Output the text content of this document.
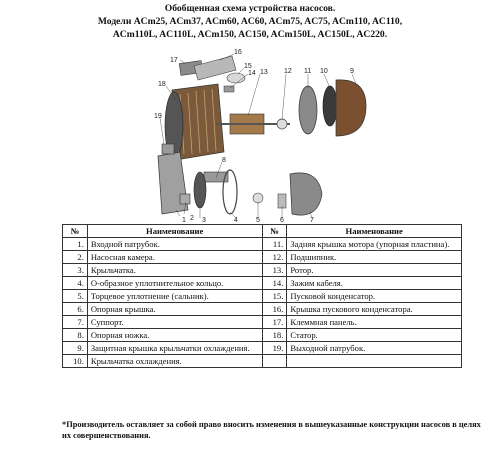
Обобщенная схема устройства насосов.
Модели ACm25, ACm37, ACm60, AC60, ACm75, AC75, ACm110, AC110,
ACm110L, AC110L, ACm150, AC150, ACm150L, AC150L, AC220.
17
16
15
14 13
18
12 11 10	9
19
8
1 2 3	4	5	6	7
№	Наименование	№	Наименование
1.	Входной патрубок.	11.	Задняя крышка мотора (упорная пластина).
2.	Насосная камера.	12.	Подшипник.
3.	Крыльчатка.	13.	Ротор.
4.	О-образное уплотнительное кольцо.	14.	Зажим кабеля.
5.	Торцевое уплотнение (сальник).	15.	Пусковой конденсатор.
6.	Опорная крышка.	16.	Крышка пускового конденсатора.
7.	Суппорт.	17.	Клеммная панель.
8.	Опорная ножка.	18.	Статор.
9.	Защитная крышка крыльчатки охлаждения.	19.	Выходной патрубок.
10.	Крыльчатка охлаждения.		
*Производитель оставляет за собой право вносить изменения в вышеуказанные конструкции насосов в целях их совершенствования.
